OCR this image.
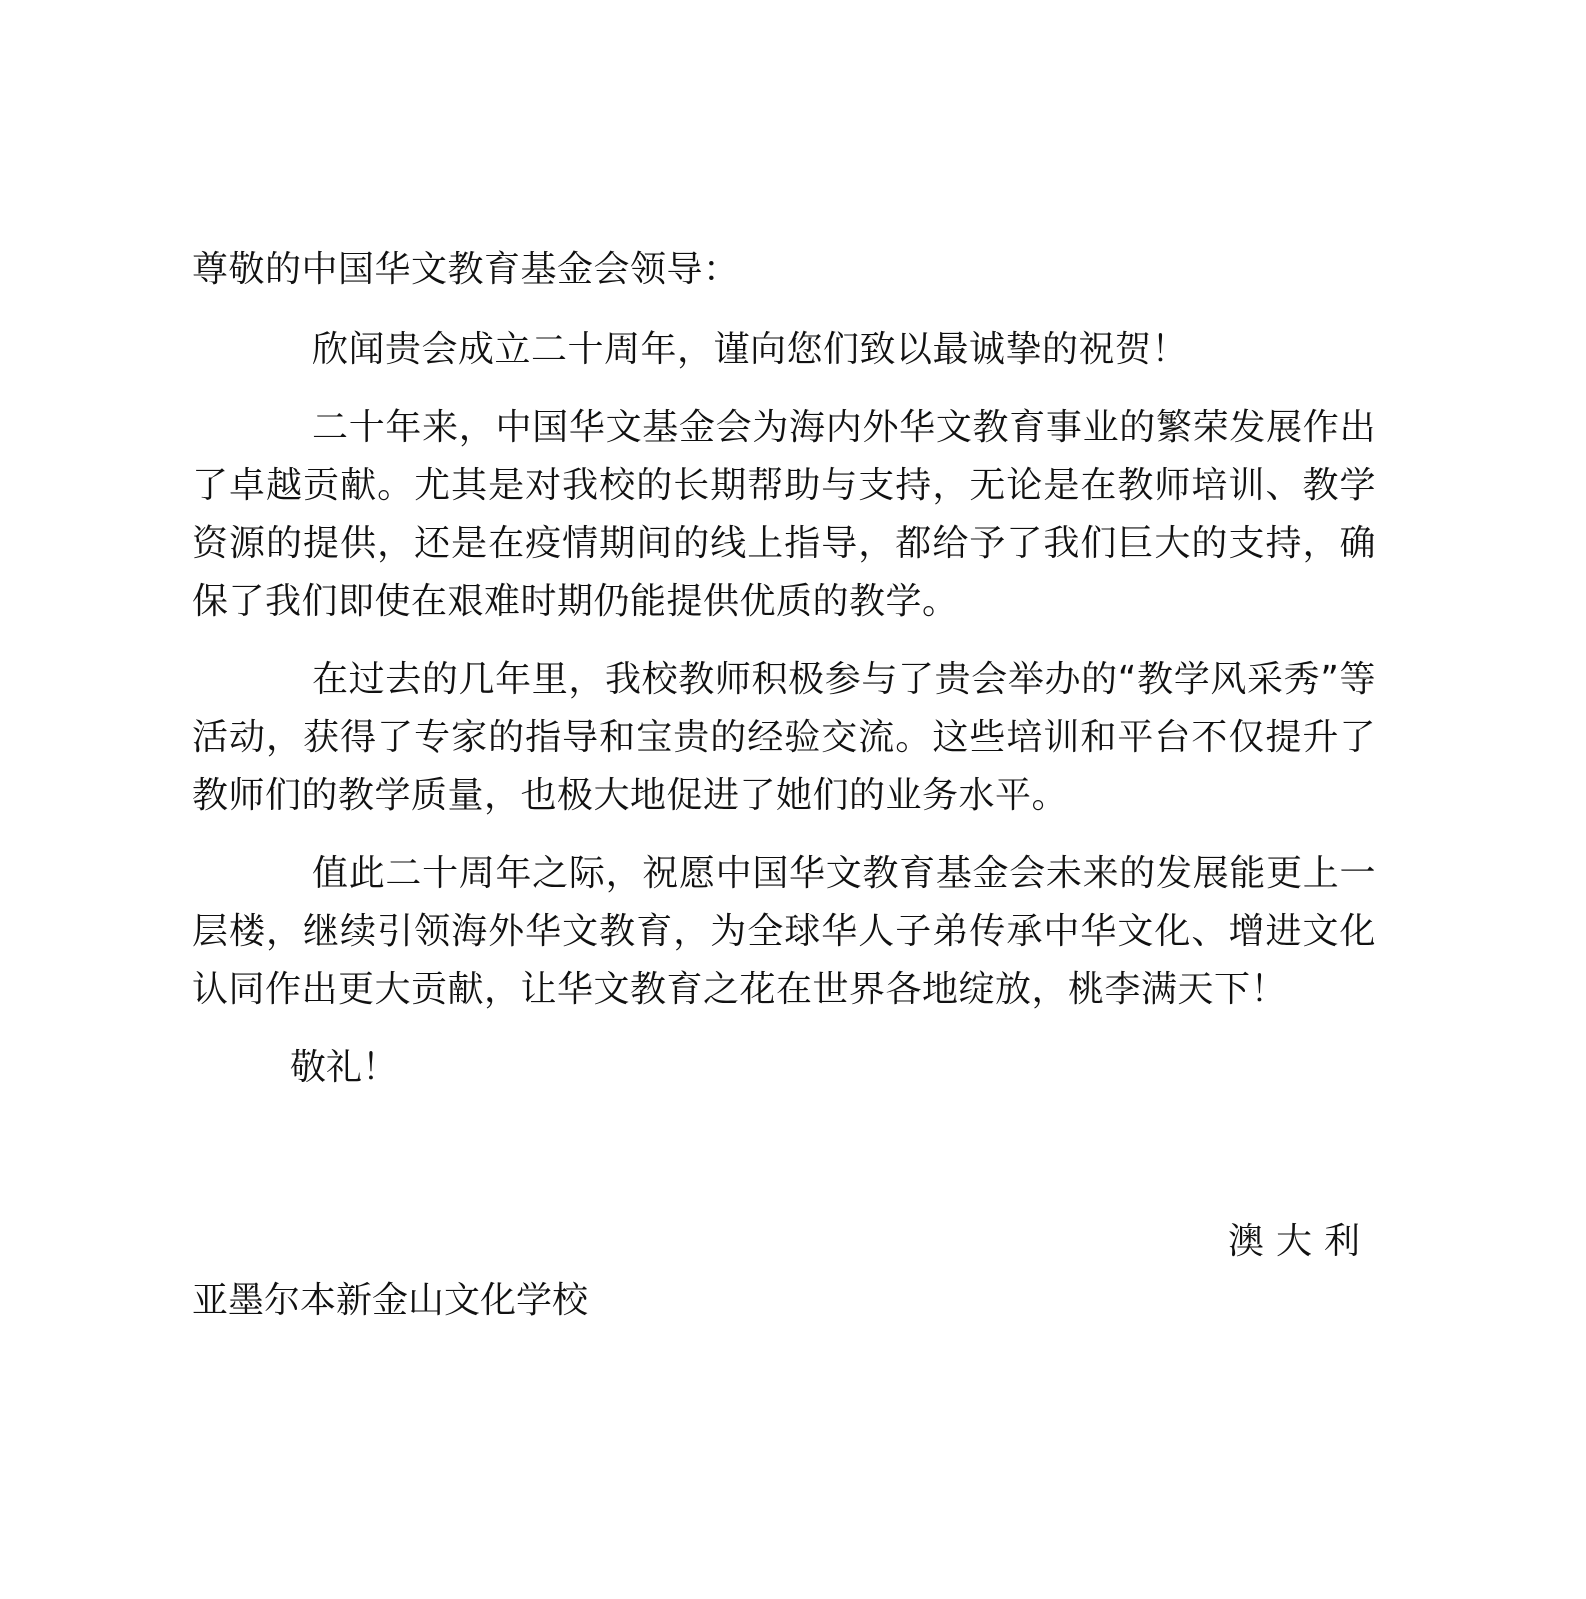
尊敬的中国华文教育基金会领导：

欣闻贵会成立二十周年，谨向您们致以最诚挚的祝贺！

二十年来，中国华文基金会为海内外华文教育事业的繁荣发展作出了卓越贡献。尤其是对我校的长期帮助与支持，无论是在教师培训、教学资源的提供，还是在疫情期间的线上指导，都给予了我们巨大的支持，确保了我们即使在艰难时期仍能提供优质的教学。

在过去的几年里，我校教师积极参与了贵会举办的“教学风采秀”等活动，获得了专家的指导和宝贵的经验交流。这些培训和平台不仅提升了教师们的教学质量，也极大地促进了她们的业务水平。

值此二十周年之际，祝愿中国华文教育基金会未来的发展能更上一层楼，继续引领海外华文教育，为全球华人子弟传承中华文化、增进文化认同作出更大贡献，让华文教育之花在世界各地绽放，桃李满天下！

敬礼！

澳大利

亚墨尔本新金山文化学校
